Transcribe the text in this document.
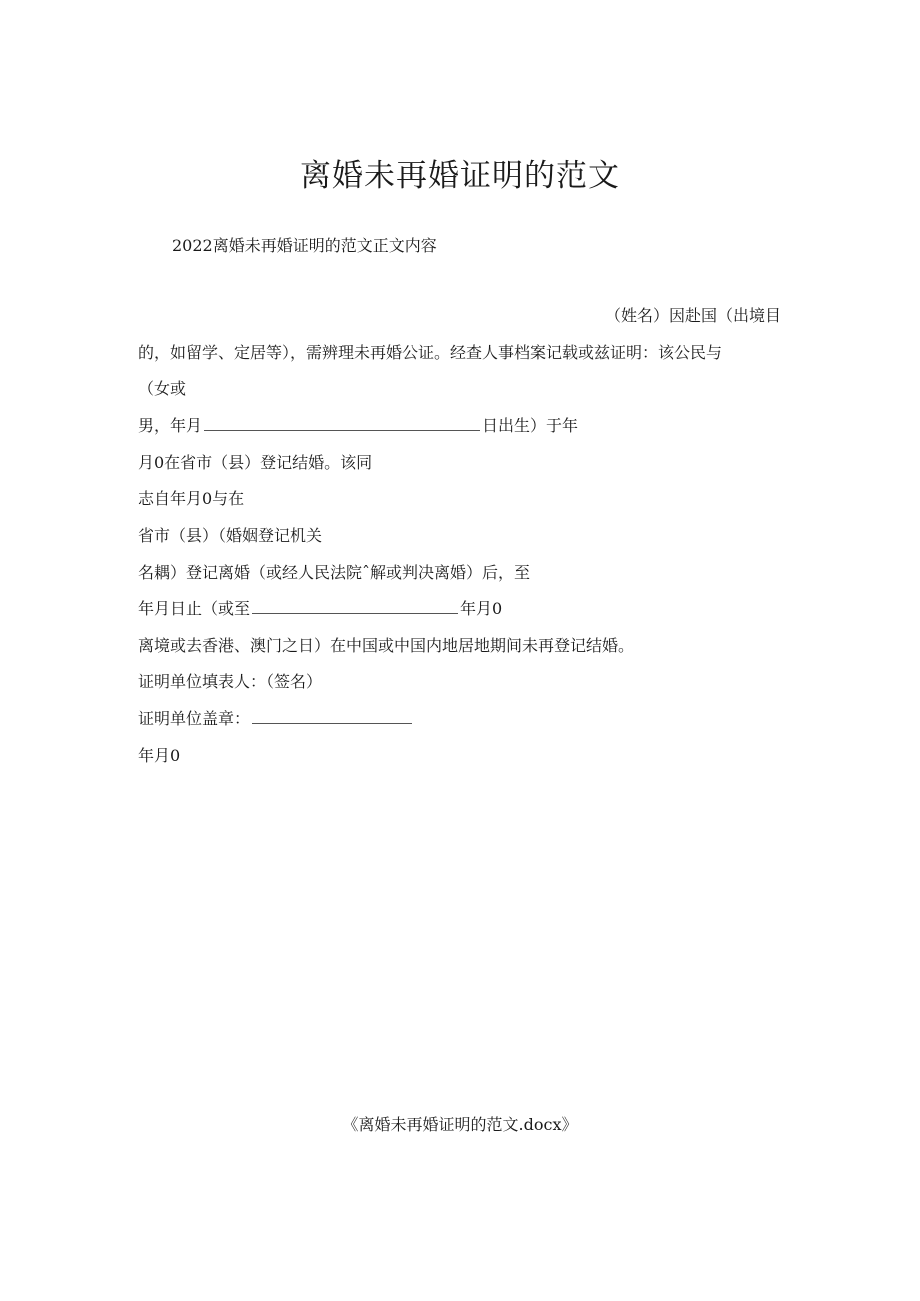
离婚未再婚证明的范文
2022离婚未再婚证明的范文正文内容
（姓名）因赴国（出境目
的，如留学、定居等），需辨理未再婚公证。经查人事档案记载或兹证明：该公民与
（女或
男，年月	日出生）于年
月0在省市（县）登记结婚。该同
志自年月0与在
省市（县）（婚姻登记机关
名耦）登记离婚（或经人民法院ˆ解或判决离婚）后，至
年月日止（或至	年月0
离境或去香港、澳门之日）在中国或中国内地居地期间未再登记结婚。
证明单位填表人：（签名）
证明单位盖章：
年月0
《离婚未再婚证明的范文.docx》
